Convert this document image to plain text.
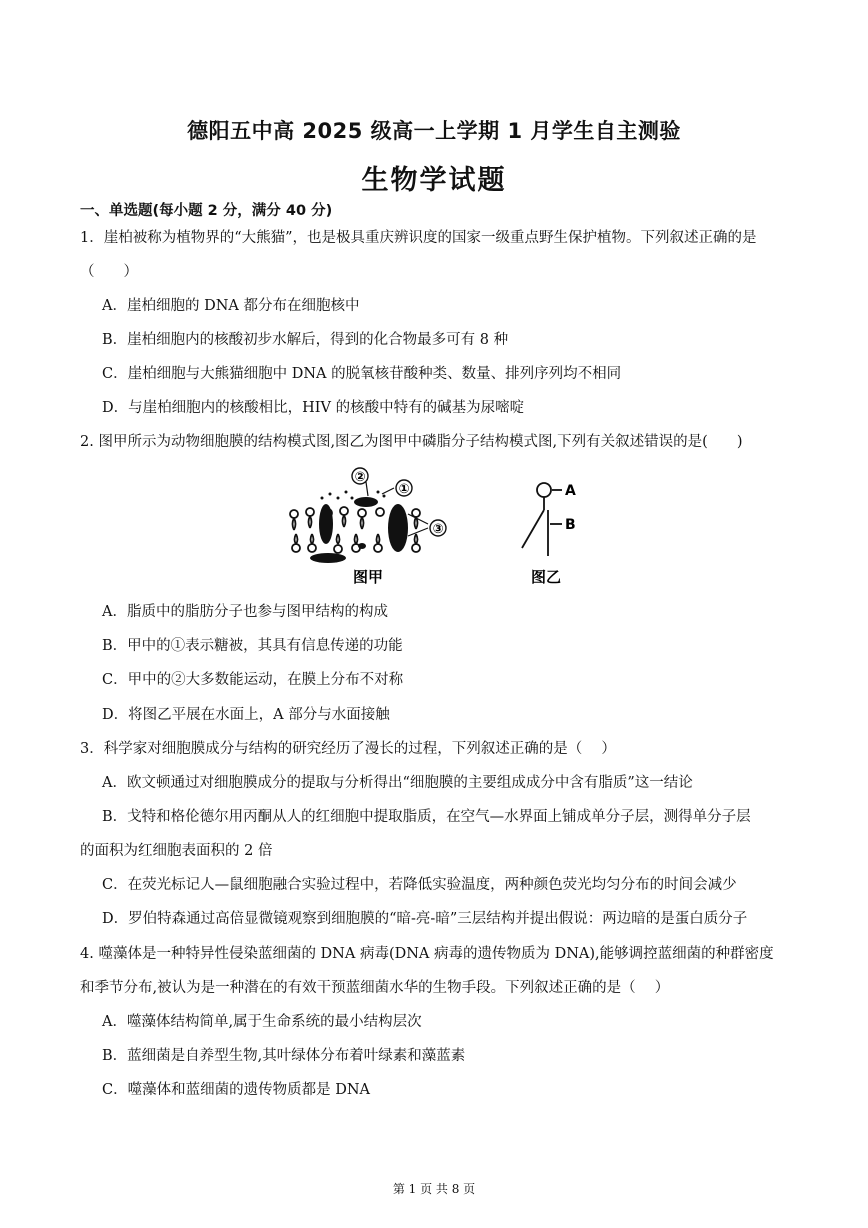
德阳五中高 2025 级高一上学期 1 月学生自主测验
生物学试题
一、单选题(每小题 2 分，满分 40 分)
1．崖柏被称为植物界的“大熊猫”，也是极具重庆辨识度的国家一级重点野生保护植物。下列叙述正确的是
（　　）
A．崖柏细胞的 DNA 都分布在细胞核中
B．崖柏细胞内的核酸初步水解后，得到的化合物最多可有 8 种
C．崖柏细胞与大熊猫细胞中 DNA 的脱氧核苷酸种类、数量、排列序列均不相同
D．与崖柏细胞内的核酸相比，HIV 的核酸中特有的碱基为尿嘧啶
2. 图甲所示为动物细胞膜的结构模式图,图乙为图甲中磷脂分子结构模式图,下列有关叙述错误的是(　　)
②
①
③
图甲
A
B
图乙
A．脂质中的脂肪分子也参与图甲结构的构成
B．甲中的①表示糖被，其具有信息传递的功能
C．甲中的②大多数能运动，在膜上分布不对称
D．将图乙平展在水面上，A 部分与水面接触
3．科学家对细胞膜成分与结构的研究经历了漫长的过程，下列叙述正确的是（　 ）
A．欧文顿通过对细胞膜成分的提取与分析得出“细胞膜的主要组成成分中含有脂质”这一结论
B．戈特和格伦德尔用丙酮从人的红细胞中提取脂质，在空气—水界面上铺成单分子层，测得单分子层
的面积为红细胞表面积的 2 倍
C．在荧光标记人—鼠细胞融合实验过程中，若降低实验温度，两种颜色荧光均匀分布的时间会减少
D．罗伯特森通过高倍显微镜观察到细胞膜的“暗-亮-暗”三层结构并提出假说：两边暗的是蛋白质分子
4. 噬藻体是一种特异性侵染蓝细菌的 DNA 病毒(DNA 病毒的遗传物质为 DNA),能够调控蓝细菌的种群密度
和季节分布,被认为是一种潜在的有效干预蓝细菌水华的生物手段。下列叙述正确的是（　 ）
A．噬藻体结构简单,属于生命系统的最小结构层次
B．蓝细菌是自养型生物,其叶绿体分布着叶绿素和藻蓝素
C．噬藻体和蓝细菌的遗传物质都是 DNA
第 1 页 共 8 页
